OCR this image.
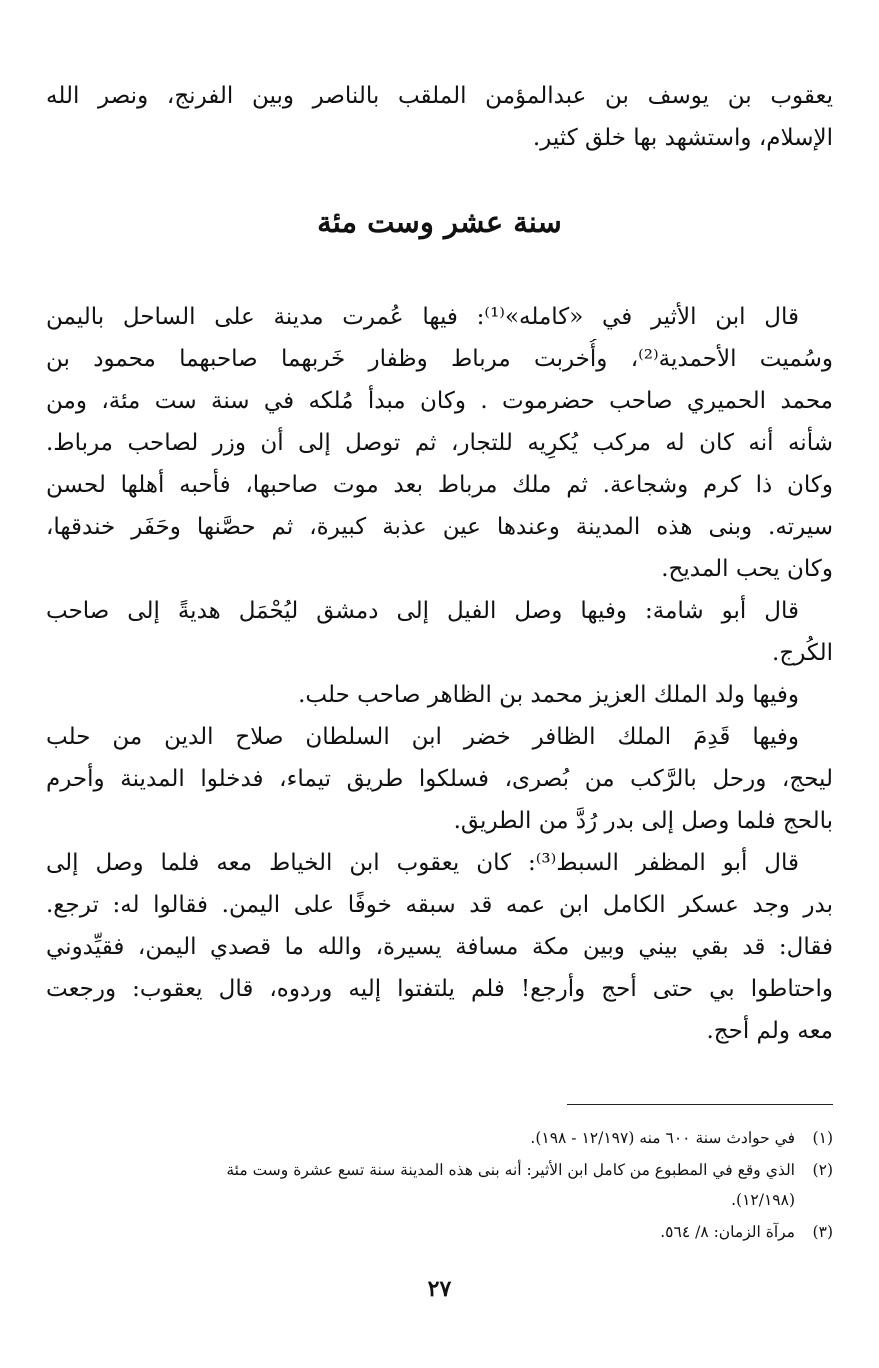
يعقوب بن يوسف بن عبدالمؤمن الملقب بالناصر وبين الفرنج، ونصر الله
الإسلام، واستشهد بها خلق كثير.
سنة عشر وست مئة
قال ابن الأثير في «كامله»⁽¹⁾: فيها عُمرت مدينة على الساحل باليمن
وسُميت الأحمدية⁽²⁾، وأُخربت مرباط وظفار خَربهما صاحبهما محمود بن
محمد الحميري صاحب حضرموت . وكان مبدأ مُلكه في سنة ست مئة، ومن
شأنه أنه كان له مركب يُكرِيه للتجار، ثم توصل إلى أن وزر لصاحب مرباط.
وكان ذا كرم وشجاعة. ثم ملك مرباط بعد موت صاحبها، فأحبه أهلها لحسن
سيرته. وبنى هذه المدينة وعندها عين عذبة كبيرة، ثم حصَّنها وحَفَر خندقها،
وكان يحب المديح.
قال أبو شامة: وفيها وصل الفيل إلى دمشق ليُحْمَل هديةً إلى صاحب
الكُرج.
وفيها ولد الملك العزيز محمد بن الظاهر صاحب حلب.
وفيها قَدِمَ الملك الظافر خضر ابن السلطان صلاح الدين من حلب
ليحج، ورحل بالرَّكب من بُصرى، فسلكوا طريق تيماء، فدخلوا المدينة وأحرم
بالحج فلما وصل إلى بدر رُدَّ من الطريق.
قال أبو المظفر السبط⁽³⁾: كان يعقوب ابن الخياط معه فلما وصل إلى
بدر وجد عسكر الكامل ابن عمه قد سبقه خوفًا على اليمن. فقالوا له: ترجع.
فقال: قد بقي بيني وبين مكة مسافة يسيرة، والله ما قصدي اليمن، فقيِّدوني
واحتاطوا بي حتى أحج وأرجع! فلم يلتفتوا إليه وردوه، قال يعقوب: ورجعت
معه ولم أحج.
(١)في حوادث سنة ٦٠٠ منه (١٢/١٩٧ - ١٩٨).
(٢)الذي وقع في المطبوع من كامل ابن الأثير: أنه بنى هذه المدينة سنة تسع عشرة وست مئة
(١٢/١٩٨).
(٣)مرآة الزمان: ٨/ ٥٦٤.
٢٧
